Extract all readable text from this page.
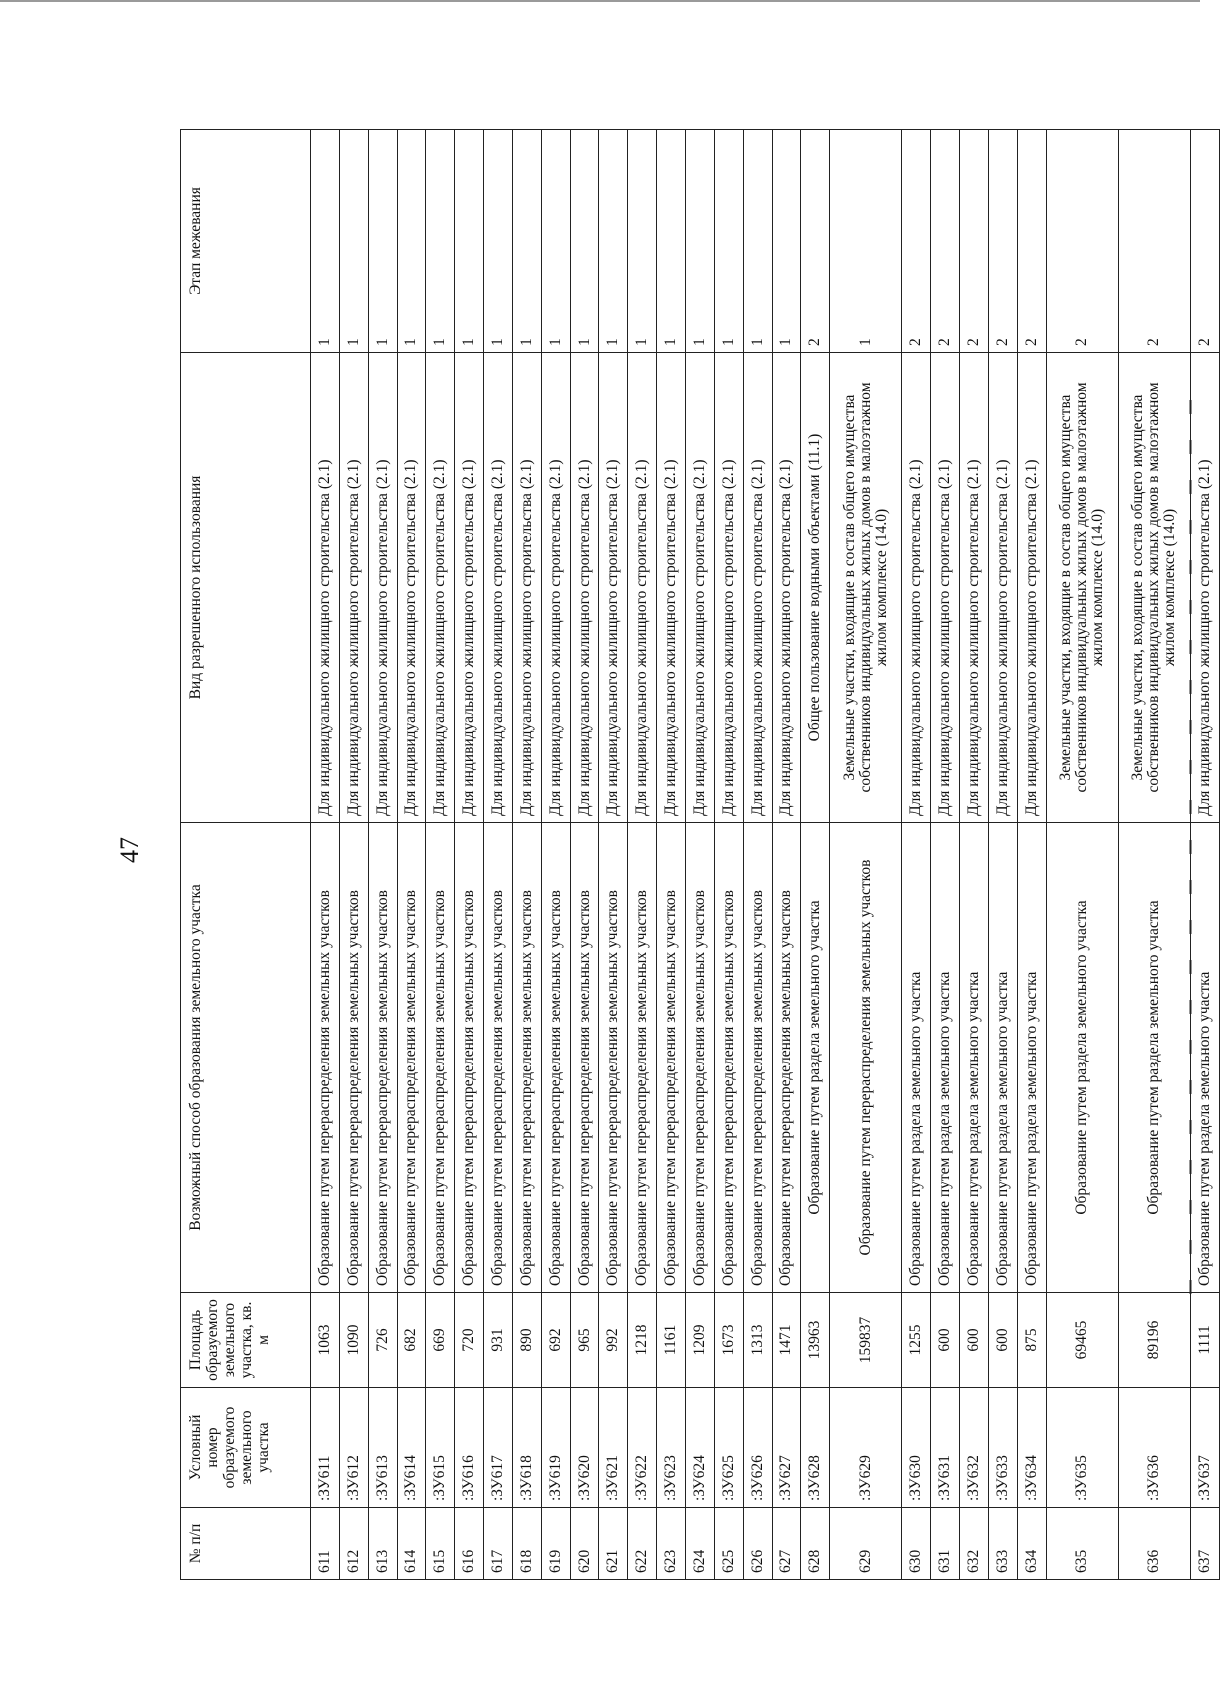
47
№ п/п	Условный номер образуемого земельного участка	Площадь образуемого земельного участка, кв. м	Возможный способ образования земельного участка	Вид разрешенного использования	Этап межевания
611	:ЗУ611	1063	Образование путем перераспределения земельных участков	Для индивидуального жилищного строительства (2.1)	1
612	:ЗУ612	1090	Образование путем перераспределения земельных участков	Для индивидуального жилищного строительства (2.1)	1
613	:ЗУ613	726	Образование путем перераспределения земельных участков	Для индивидуального жилищного строительства (2.1)	1
614	:ЗУ614	682	Образование путем перераспределения земельных участков	Для индивидуального жилищного строительства (2.1)	1
615	:ЗУ615	669	Образование путем перераспределения земельных участков	Для индивидуального жилищного строительства (2.1)	1
616	:ЗУ616	720	Образование путем перераспределения земельных участков	Для индивидуального жилищного строительства (2.1)	1
617	:ЗУ617	931	Образование путем перераспределения земельных участков	Для индивидуального жилищного строительства (2.1)	1
618	:ЗУ618	890	Образование путем перераспределения земельных участков	Для индивидуального жилищного строительства (2.1)	1
619	:ЗУ619	692	Образование путем перераспределения земельных участков	Для индивидуального жилищного строительства (2.1)	1
620	:ЗУ620	965	Образование путем перераспределения земельных участков	Для индивидуального жилищного строительства (2.1)	1
621	:ЗУ621	992	Образование путем перераспределения земельных участков	Для индивидуального жилищного строительства (2.1)	1
622	:ЗУ622	1218	Образование путем перераспределения земельных участков	Для индивидуального жилищного строительства (2.1)	1
623	:ЗУ623	1161	Образование путем перераспределения земельных участков	Для индивидуального жилищного строительства (2.1)	1
624	:ЗУ624	1209	Образование путем перераспределения земельных участков	Для индивидуального жилищного строительства (2.1)	1
625	:ЗУ625	1673	Образование путем перераспределения земельных участков	Для индивидуального жилищного строительства (2.1)	1
626	:ЗУ626	1313	Образование путем перераспределения земельных участков	Для индивидуального жилищного строительства (2.1)	1
627	:ЗУ627	1471	Образование путем перераспределения земельных участков	Для индивидуального жилищного строительства (2.1)	1
628	:ЗУ628	13963	Образование путем раздела земельного участка	Общее пользование водными объектами (11.1)	2
629	:ЗУ629	159837	Образование путем перераспределения земельных участков	Земельные участки, входящие в состав общего имущества собственников индивидуальных жилых домов в малоэтажном жилом комплексе (14.0)	1
630	:ЗУ630	1255	Образование путем раздела земельного участка	Для индивидуального жилищного строительства (2.1)	2
631	:ЗУ631	600	Образование путем раздела земельного участка	Для индивидуального жилищного строительства (2.1)	2
632	:ЗУ632	600	Образование путем раздела земельного участка	Для индивидуального жилищного строительства (2.1)	2
633	:ЗУ633	600	Образование путем раздела земельного участка	Для индивидуального жилищного строительства (2.1)	2
634	:ЗУ634	875	Образование путем раздела земельного участка	Для индивидуального жилищного строительства (2.1)	2
635	:ЗУ635	69465	Образование путем раздела земельного участка	Земельные участки, входящие в состав общего имущества собственников индивидуальных жилых домов в малоэтажном жилом комплексе (14.0)	2
636	:ЗУ636	89196	Образование путем раздела земельного участка	Земельные участки, входящие в состав общего имущества собственников индивидуальных жилых домов в малоэтажном жилом комплексе (14.0)	2
637	:ЗУ637	1111	Образование путем раздела земельного участка	Для индивидуального жилищного строительства (2.1)	2
